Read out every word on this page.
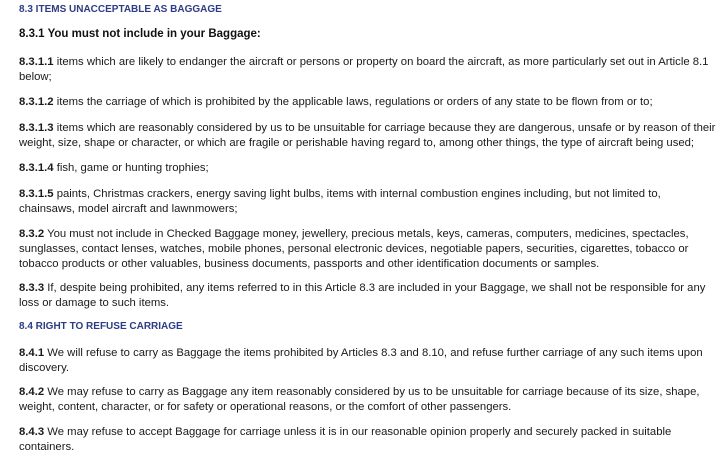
8.3 ITEMS UNACCEPTABLE AS BAGGAGE
8.3.1 You must not include in your Baggage:
8.3.1.1 items which are likely to endanger the aircraft or persons or property on board the aircraft, as more particularly set out in Article 8.1
below;
8.3.1.2 items the carriage of which is prohibited by the applicable laws, regulations or orders of any state to be flown from or to;
8.3.1.3 items which are reasonably considered by us to be unsuitable for carriage because they are dangerous, unsafe or by reason of their
weight, size, shape or character, or which are fragile or perishable having regard to, among other things, the type of aircraft being used;
8.3.1.4 fish, game or hunting trophies;
8.3.1.5 paints, Christmas crackers, energy saving light bulbs, items with internal combustion engines including, but not limited to,
chainsaws, model aircraft and lawnmowers;
8.3.2 You must not include in Checked Baggage money, jewellery, precious metals, keys, cameras, computers, medicines, spectacles,
sunglasses, contact lenses, watches, mobile phones, personal electronic devices, negotiable papers, securities, cigarettes, tobacco or
tobacco products or other valuables, business documents, passports and other identification documents or samples.
8.3.3 If, despite being prohibited, any items referred to in this Article 8.3 are included in your Baggage, we shall not be responsible for any
loss or damage to such items.
8.4 RIGHT TO REFUSE CARRIAGE
8.4.1 We will refuse to carry as Baggage the items prohibited by Articles 8.3 and 8.10, and refuse further carriage of any such items upon
discovery.
8.4.2 We may refuse to carry as Baggage any item reasonably considered by us to be unsuitable for carriage because of its size, shape,
weight, content, character, or for safety or operational reasons, or the comfort of other passengers.
8.4.3 We may refuse to accept Baggage for carriage unless it is in our reasonable opinion properly and securely packed in suitable
containers.
